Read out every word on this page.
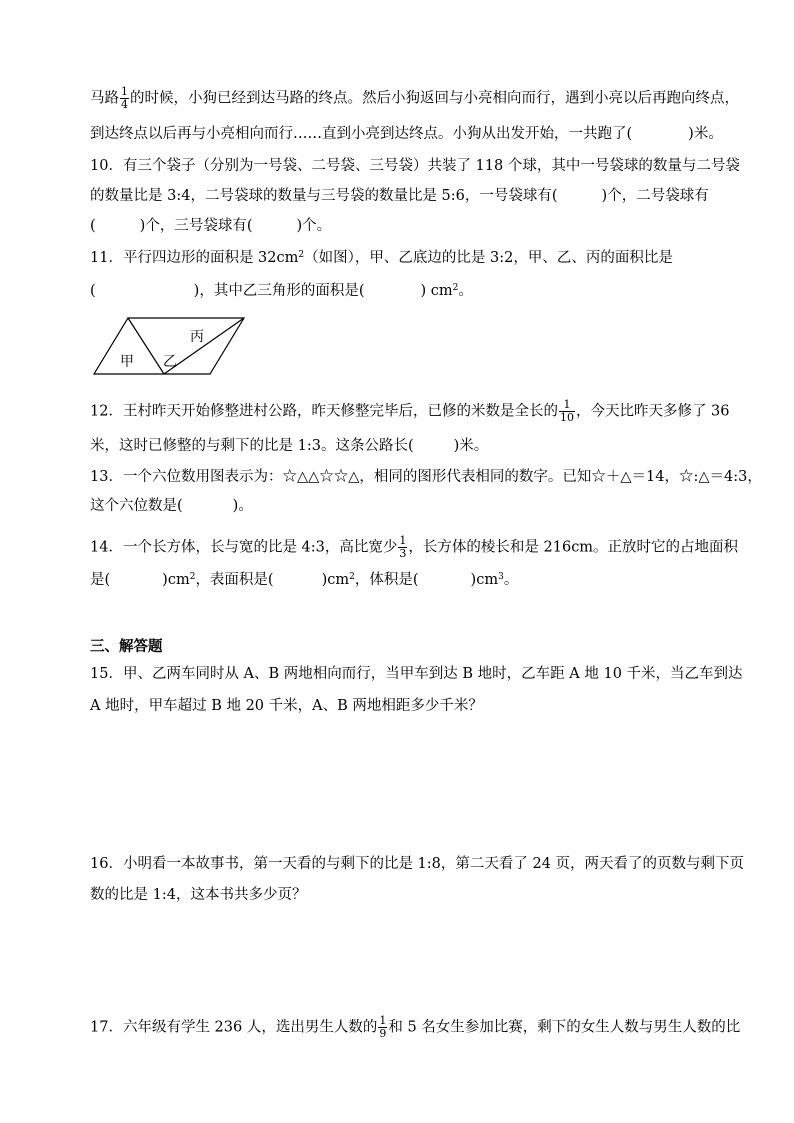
马路 $\frac{1}{4}$ 的时候，小狗已经到达马路的终点。然后小狗返回与小亮相向而行，遇到小亮以后再跑向终点，
到达终点以后再与小亮相向而行……直到小亮到达终点。小狗从出发开始，一共跑了(	)米。
10．有三个袋子（分别为一号袋、二号袋、三号袋）共装了 118 个球，其中一号袋球的数量与二号袋
的数量比是 3:4，二号袋球的数量与三号袋的数量比是 5:6，一号袋球有(	)个，二号袋球有
(	)个，三号袋球有(	)个。
11．平行四边形的面积是 $32cm^2$（如图），甲、乙底边的比是 3:2，甲、乙、丙的面积比是
(	)，其中乙三角形的面积是(	) $cm^2$。
甲 乙
丙
12．王村昨天开始修整进村公路，昨天修整完毕后，已修的米数是全长的 $\frac{1}{10}$ ，今天比昨天多修了 36
米，这时已修整的与剩下的比是 1:3。这条公路长(	)米。
13．一个六位数用图表示为：☆△△☆☆△，相同的图形代表相同的数字。已知☆＋△＝14，☆:△＝4:3，
这个六位数是(	)。
14．一个长方体，长与宽的比是 4:3，高比宽少 $\frac{1}{3}$ ，长方体的棱长和是 216cm。正放时它的占地面积
是(	)$cm^2$，表面积是(	)$cm^2$，体积是(	)$cm^3$。
三、解答题
15．甲、乙两车同时从 A、B 两地相向而行，当甲车到达 B 地时，乙车距 A 地 10 千米，当乙车到达
A 地时，甲车超过 B 地 20 千米，A、B 两地相距多少千米？
16．小明看一本故事书，第一天看的与剩下的比是 1:8，第二天看了 24 页，两天看了的页数与剩下页
数的比是 1:4，这本书共多少页？
17．六年级有学生 236 人，选出男生人数的 $\frac{1}{9}$ 和 5 名女生参加比赛，剩下的女生人数与男生人数的比
